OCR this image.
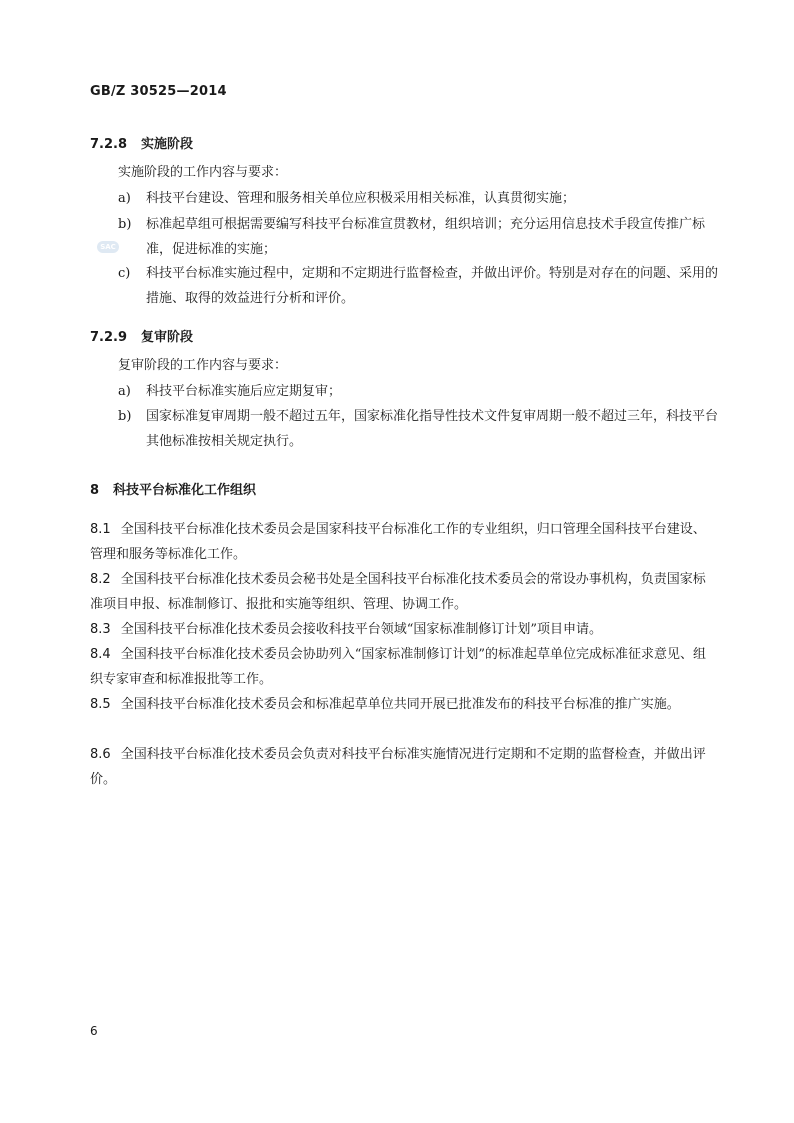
GB/Z 30525—2014
7.2.8 实施阶段
实施阶段的工作内容与要求：
a) 科技平台建设、管理和服务相关单位应积极采用相关标准，认真贯彻实施；
b) 标准起草组可根据需要编写科技平台标准宣贯教材，组织培训；充分运用信息技术手段宣传推广标准，促进标准的实施；
c) 科技平台标准实施过程中，定期和不定期进行监督检查，并做出评价。特别是对存在的问题、采用的措施、取得的效益进行分析和评价。
SAC
7.2.9 复审阶段
复审阶段的工作内容与要求：
a) 科技平台标准实施后应定期复审；
b) 国家标准复审周期一般不超过五年，国家标准化指导性技术文件复审周期一般不超过三年，科技平台其他标准按相关规定执行。
8 科技平台标准化工作组织
8.1 全国科技平台标准化技术委员会是国家科技平台标准化工作的专业组织，归口管理全国科技平台建设、管理和服务等标准化工作。
8.2 全国科技平台标准化技术委员会秘书处是全国科技平台标准化技术委员会的常设办事机构，负责国家标准项目申报、标准制修订、报批和实施等组织、管理、协调工作。
8.3 全国科技平台标准化技术委员会接收科技平台领域“国家标准制修订计划”项目申请。
8.4 全国科技平台标准化技术委员会协助列入“国家标准制修订计划”的标准起草单位完成标准征求意见、组织专家审查和标准报批等工作。
8.5 全国科技平台标准化技术委员会和标准起草单位共同开展已批准发布的科技平台标准的推广实施。
8.6 全国科技平台标准化技术委员会负责对科技平台标准实施情况进行定期和不定期的监督检查，并做出评价。
6
